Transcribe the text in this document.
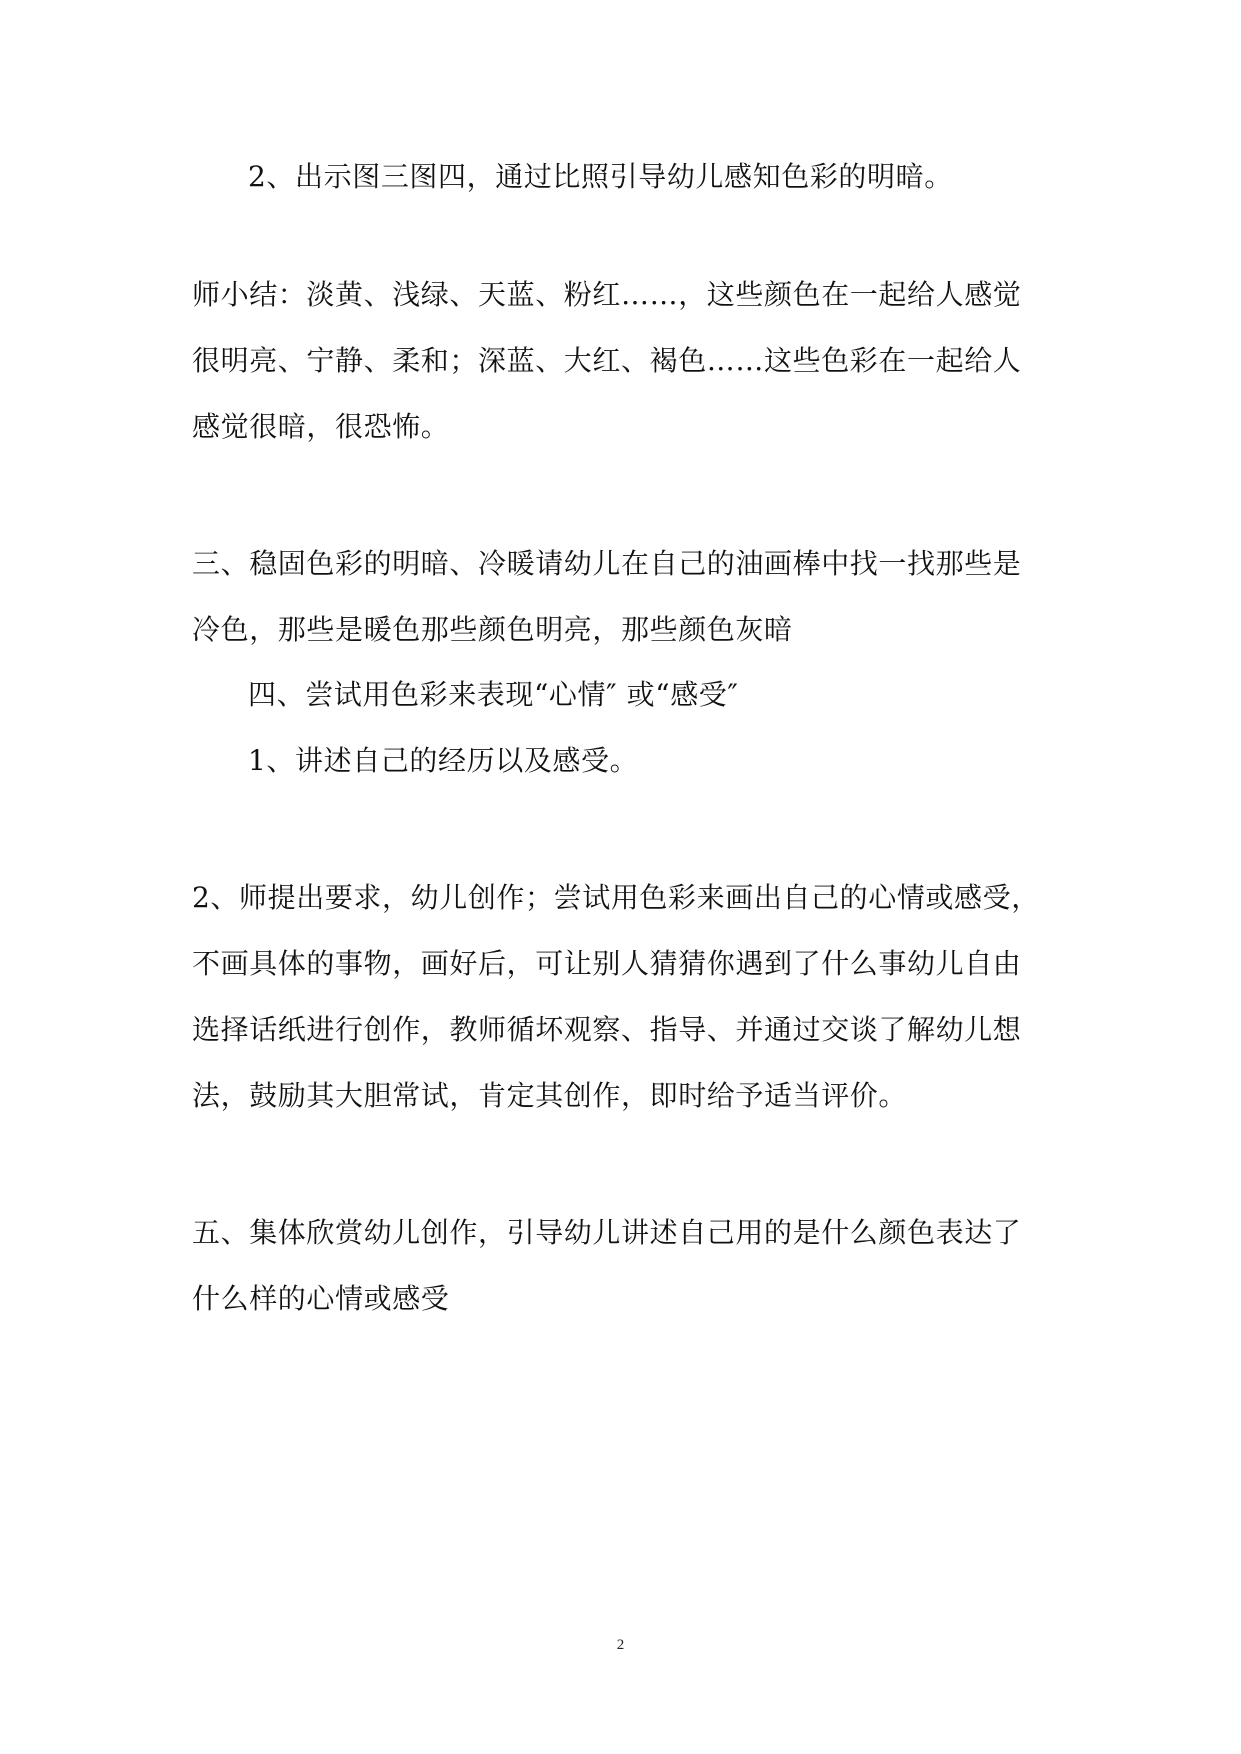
2、出示图三图四，通过比照引导幼儿感知色彩的明暗。
师小结：淡黄、浅绿、天蓝、粉红……，这些颜色在一起给人感觉
很明亮、宁静、柔和；深蓝、大红、褐色……这些色彩在一起给人
感觉很暗，很恐怖。
三、稳固色彩的明暗、冷暖请幼儿在自己的油画棒中找一找那些是
冷色，那些是暖色那些颜色明亮，那些颜色灰暗
四、尝试用色彩来表现“心情″ 或“感受″
1、讲述自己的经历以及感受。
2、师提出要求，幼儿创作；尝试用色彩来画出自己的心情或感受，
不画具体的事物，画好后，可让别人猜猜你遇到了什么事幼儿自由
选择话纸进行创作，教师循坏观察、指导、并通过交谈了解幼儿想
法，鼓励其大胆常试，肯定其创作，即时给予适当评价。
五、集体欣赏幼儿创作，引导幼儿讲述自己用的是什么颜色表达了
什么样的心情或感受
2
